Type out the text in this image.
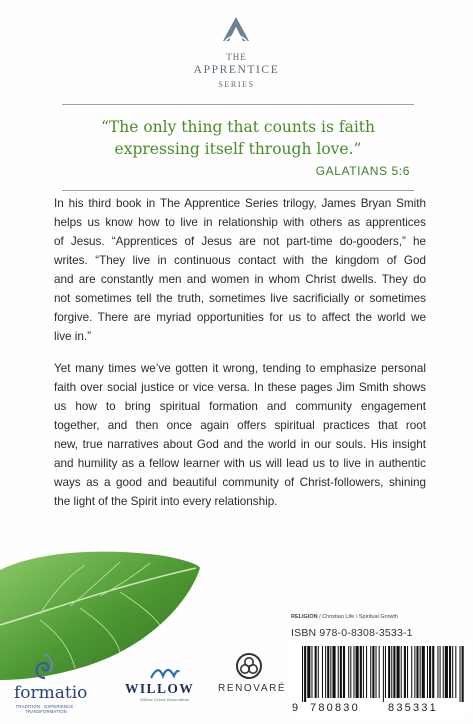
THE
APPRENTICE
SERIES
“The only thing that counts is faith
expressing itself through love.”
GALATIANS 5:6

In his third book in The Apprentice Series trilogy, James Bryan Smith
helps us know how to live in relationship with others as apprentices
of Jesus. “Apprentices of Jesus are not part-time do-gooders,” he
writes. “They live in continuous contact with the kingdom of God
and are constantly men and women in whom Christ dwells. They do
not sometimes tell the truth, sometimes live sacrificially or sometimes
forgive. There are myriad opportunities for us to affect the world we
live in.”

Yet many times we’ve gotten it wrong, tending to emphasize personal
faith over social justice or vice versa. In these pages Jim Smith shows
us how to bring spiritual formation and community engagement
together, and then once again offers spiritual practices that root
new, true narratives about God and the world in our souls. His insight
and humility as a fellow learner with us will lead us to live in authentic
ways as a good and beautiful community of Christ-followers, shining
the light of the Spirit into every relationship.

RELIGION / Christian Life / Spiritual Growth
ISBN 978-0-8308-3533-1
9 780830	835331
formatio
TRADITION · EXPERIENCE · TRANSFORMATION
WILLOW
Willow Creek Association
RENOVARÉ
